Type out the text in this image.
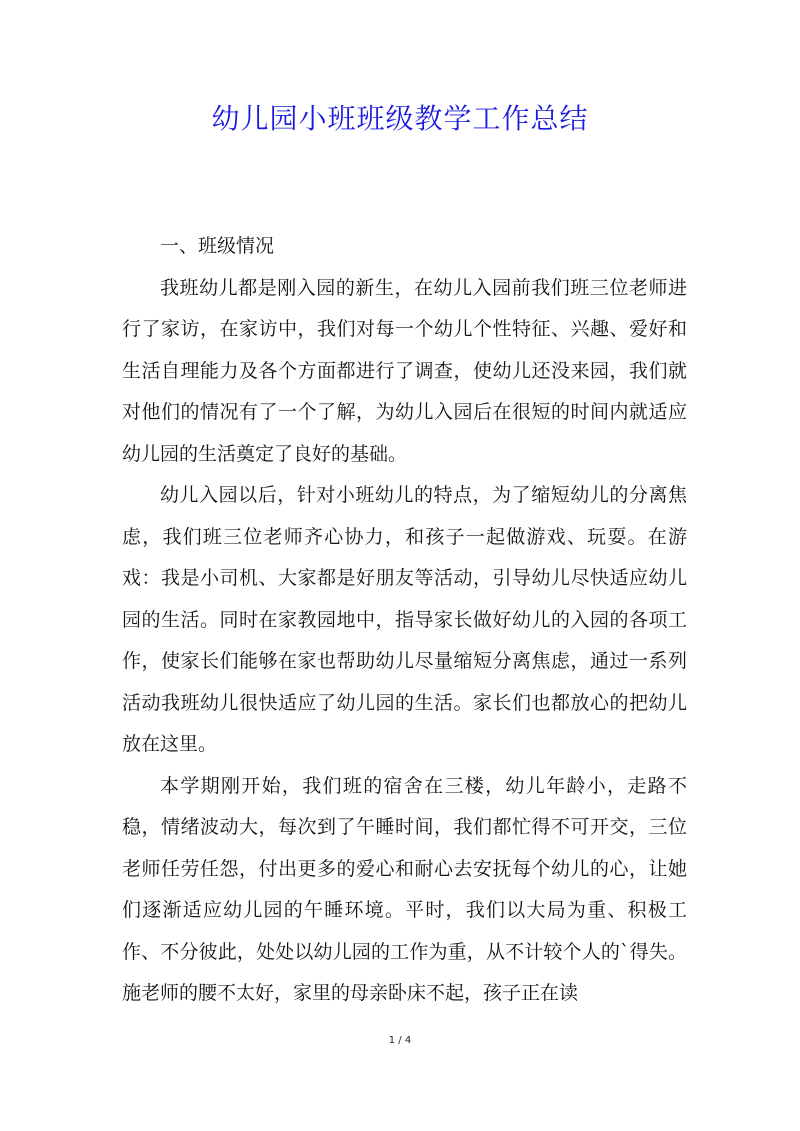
幼儿园小班班级教学工作总结
一、班级情况

我班幼儿都是刚入园的新生，在幼儿入园前我们班三位老师进行了家访，在家访中，我们对每一个幼儿个性特征、兴趣、爱好和生活自理能力及各个方面都进行了调查，使幼儿还没来园，我们就对他们的情况有了一个了解，为幼儿入园后在很短的时间内就适应幼儿园的生活奠定了良好的基础。

幼儿入园以后，针对小班幼儿的特点，为了缩短幼儿的分离焦虑，我们班三位老师齐心协力，和孩子一起做游戏、玩耍。在游戏：我是小司机、大家都是好朋友等活动，引导幼儿尽快适应幼儿园的生活。同时在家教园地中，指导家长做好幼儿的入园的各项工作，使家长们能够在家也帮助幼儿尽量缩短分离焦虑，通过一系列活动我班幼儿很快适应了幼儿园的生活。家长们也都放心的把幼儿放在这里。

本学期刚开始，我们班的宿舍在三楼，幼儿年龄小，走路不稳，情绪波动大，每次到了午睡时间，我们都忙得不可开交，三位老师任劳任怨，付出更多的爱心和耐心去安抚每个幼儿的心，让她们逐渐适应幼儿园的午睡环境。平时，我们以大局为重、积极工作、不分彼此，处处以幼儿园的工作为重，从不计较个人的`得失。施老师的腰不太好，家里的母亲卧床不起，孩子正在读

1 / 4
